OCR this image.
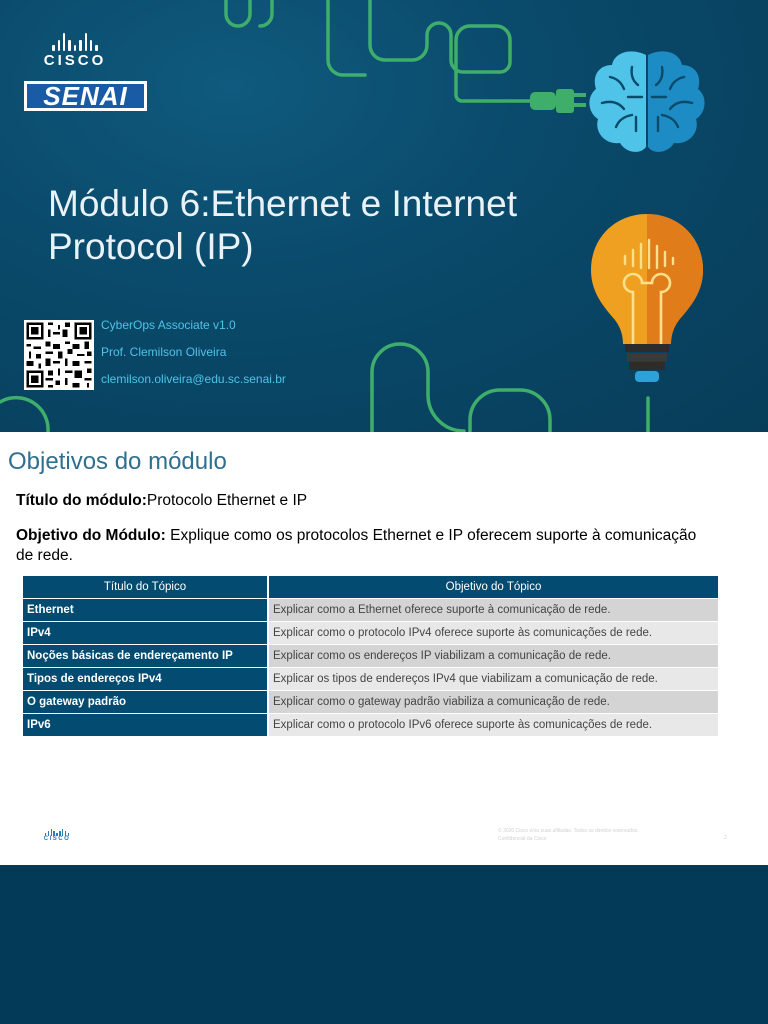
CISCO
SENAI
Módulo 6:Ethernet e Internet Protocol (IP)
CyberOps Associate v1.0
Prof. Clemilson Oliveira
clemilson.oliveira@edu.sc.senai.br
Objetivos do módulo
Título do módulo:Protocolo Ethernet e IP
Objetivo do Módulo: Explique como os protocolos Ethernet e IP oferecem suporte à comunicação de rede.
Título do Tópico	Objetivo do Tópico
Ethernet	Explicar como a Ethernet oferece suporte à comunicação de rede.
IPv4	Explicar como o protocolo IPv4 oferece suporte às comunicações de rede.
Noções básicas de endereçamento IP	Explicar como os endereços IP viabilizam a comunicação de rede.
Tipos de endereços IPv4	Explicar os tipos de endereços IPv4 que viabilizam a comunicação de rede.
O gateway padrão	Explicar como o gateway padrão viabiliza a comunicação de rede.
IPv6	Explicar como o protocolo IPv6 oferece suporte às comunicações de rede.
CISCO
© 2020 Cisco e/ou suas afiliadas. Todos os direitos reservados.
Confidencial da Cisco	2
